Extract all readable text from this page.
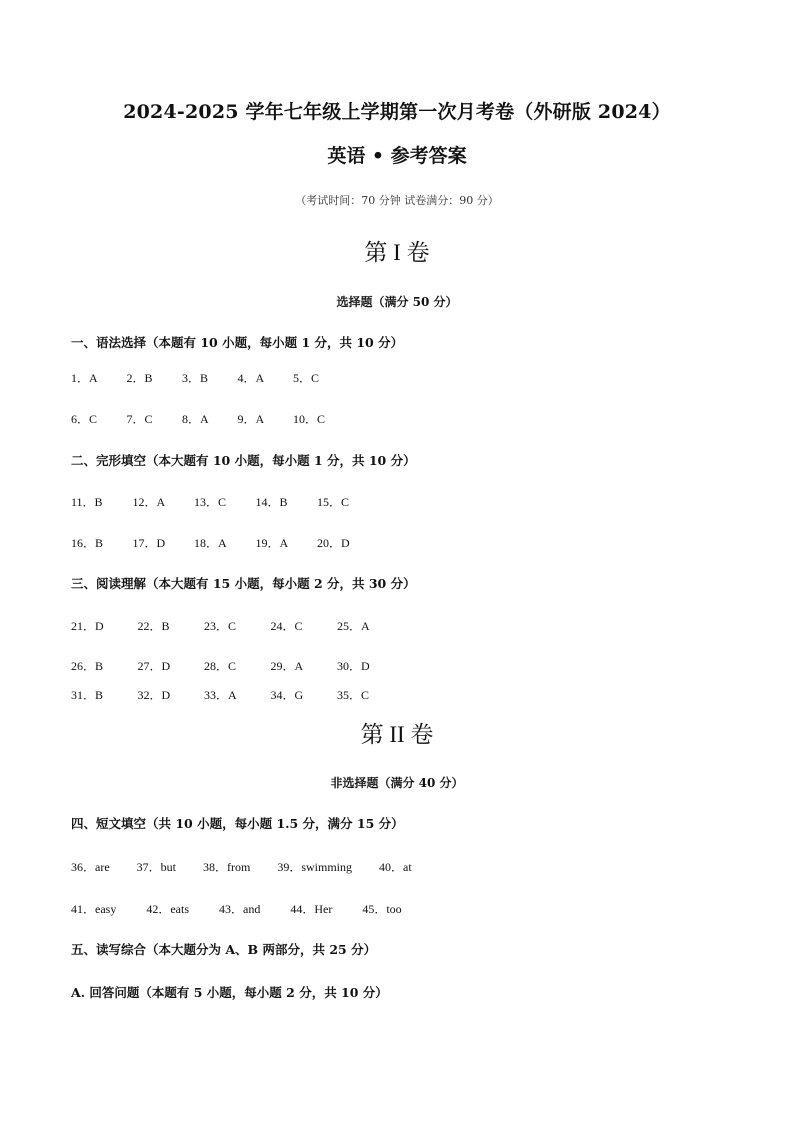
2024-2025 学年七年级上学期第一次月考卷（外研版 2024）
英语 • 参考答案
（考试时间：70 分钟 试卷满分：90 分）
第 I 卷
选择题（满分 50 分）
一、语法选择（本题有 10 小题，每小题 1 分，共 10 分）
1．A 2．B 3．B 4．A 5．C
6．C 7．C 8．A 9．A 10．C
二、完形填空（本大题有 10 小题，每小题 1 分，共 10 分）
11．B 12．A 13．C 14．B 15．C
16．B 17．D 18．A 19．A 20．D
三、阅读理解（本大题有 15 小题，每小题 2 分，共 30 分）
21．D	22．B	23．C	24．C	25．A
26．B	27．D	28．C	29．A	30．D
31．B	32．D	33．A	34．G	35．C
第 II 卷
非选择题（满分 40 分）
四、短文填空（共 10 小题，每小题 1.5 分，满分 15 分）
36．are 37．but 38．from 39．swimming 40．at
41．easy	42．eats	43．and	44．Her	45．too
五、读写综合（本大题分为 A、B 两部分，共 25 分）
A. 回答问题（本题有 5 小题，每小题 2 分，共 10 分）
